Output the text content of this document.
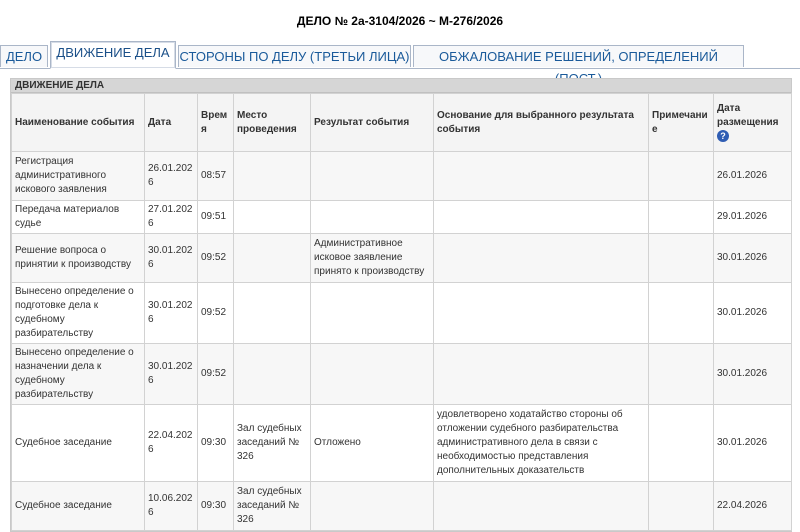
ДЕЛО № 2а-3104/2026 ~ М-276/2026
ДЕЛО	ДВИЖЕНИЕ ДЕЛА СТОРОНЫ ПО ДЕЛУ (ТРЕТЬИ ЛИЦА)	ОБЖАЛОВАНИЕ РЕШЕНИЙ, ОПРЕДЕЛЕНИЙ
ДВИЖЕНИЕ ДЕЛА
Наименование события	Дата	Время	Место проведения	Результат события	Основание для выбранного результата события	Примечание	Дата размещения
?
Регистрация административного искового заявления	26.01.2026	08:57					26.01.2026
Передача материалов судье	27.01.2026	09:51					29.01.2026
Решение вопроса о принятии к производству	30.01.2026	09:52		Административное исковое заявление принято к производству			30.01.2026
Вынесено определение о подготовке дела к судебному разбирательству	30.01.2026	09:52					30.01.2026
Вынесено определение о назначении дела к судебному разбирательству	30.01.2026	09:52					30.01.2026
Судебное заседание	22.04.2026	09:30	Зал судебных заседаний № 326	Отложено	удовлетворено ходатайство стороны об отложении судебного разбирательства административного дела в связи с необходимостью представления дополнительных доказательств		30.01.2026
Судебное заседание	10.06.2026	09:30	Зал судебных заседаний № 326				22.04.2026
